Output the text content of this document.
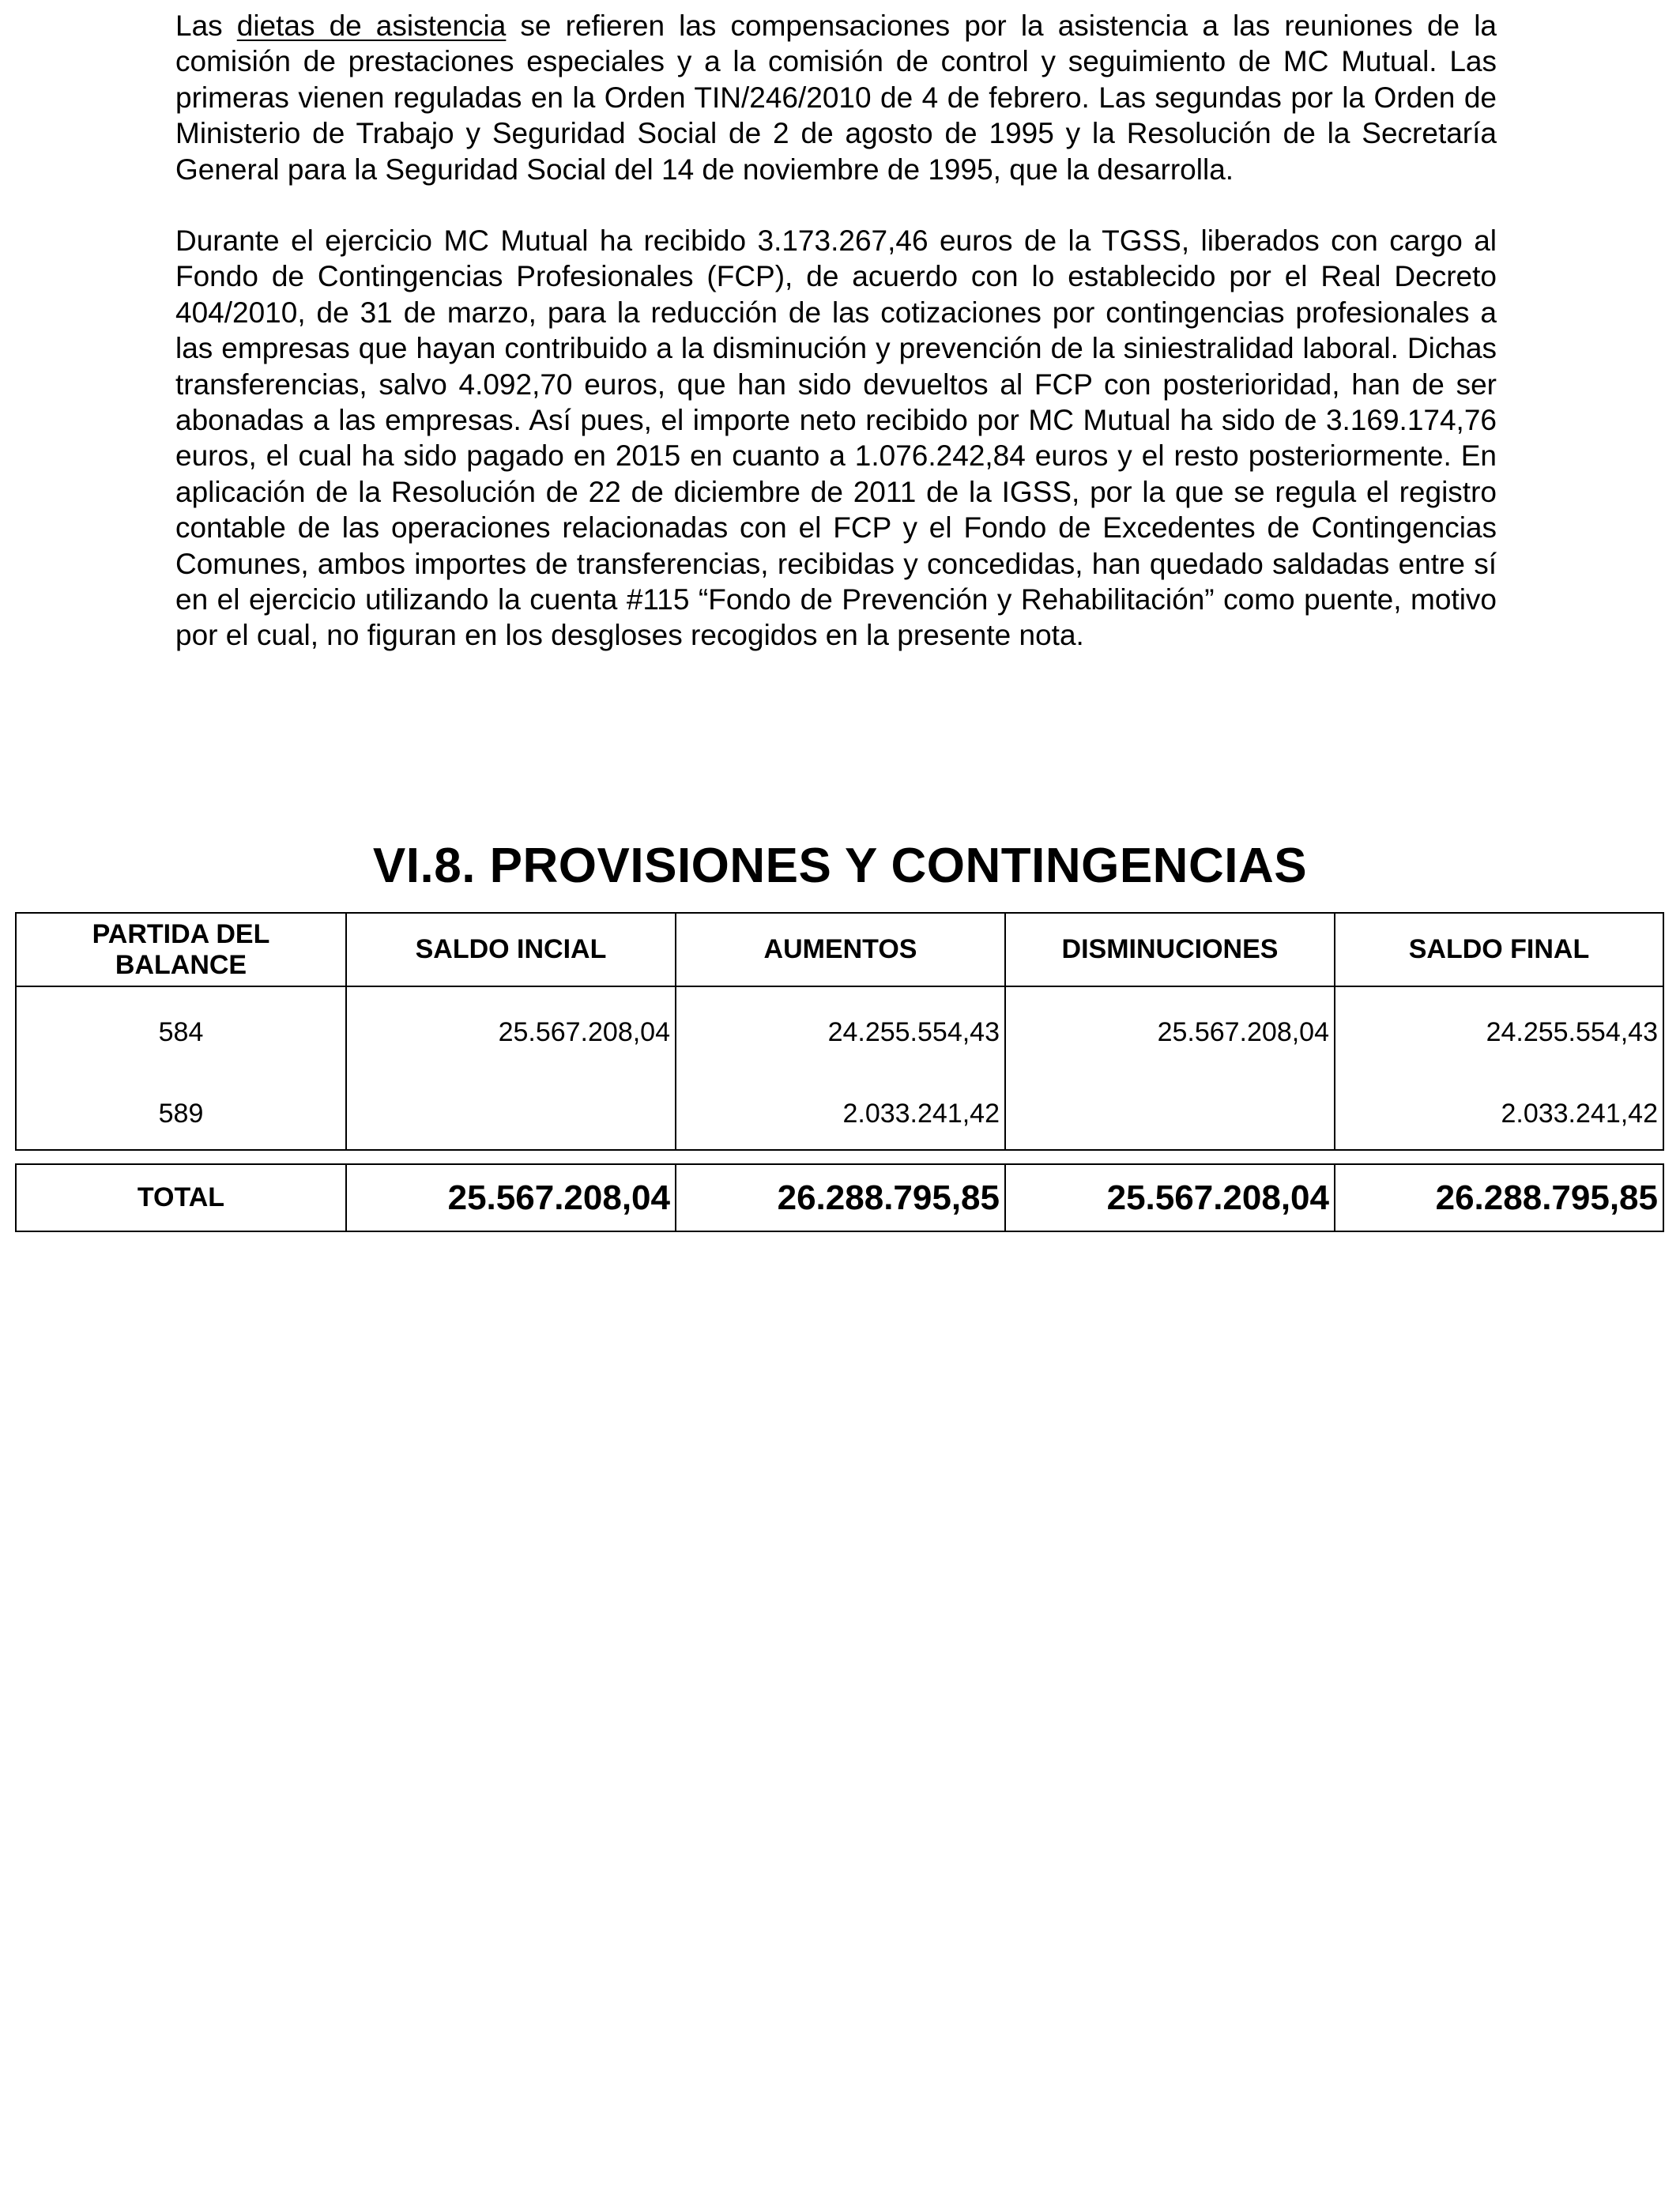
Las dietas de asistencia se refieren las compensaciones por la asistencia a las reuniones de la comisión de prestaciones especiales y a la comisión de control y seguimiento de MC Mutual. Las primeras vienen reguladas en la Orden TIN/246/2010 de 4 de febrero. Las segundas por la Orden de Ministerio de Trabajo y Seguridad Social de 2 de agosto de 1995 y la Resolución de la Secretaría General para la Seguridad Social del 14 de noviembre de 1995, que la desarrolla.

Durante el ejercicio MC Mutual ha recibido 3.173.267,46 euros de la TGSS, liberados con cargo al Fondo de Contingencias Profesionales (FCP), de acuerdo con lo establecido por el Real Decreto 404/2010, de 31 de marzo, para la reducción de las cotizaciones por contingencias profesionales a las empresas que hayan contribuido a la disminución y prevención de la siniestralidad laboral. Dichas transferencias, salvo 4.092,70 euros, que han sido devueltos al FCP con posterioridad, han de ser abonadas a las empresas. Así pues, el importe neto recibido por MC Mutual ha sido de 3.169.174,76 euros, el cual ha sido pagado en 2015 en cuanto a 1.076.242,84 euros y el resto posteriormente. En aplicación de la Resolución de 22 de diciembre de 2011 de la IGSS, por la que se regula el registro contable de las operaciones relacionadas con el FCP y el Fondo de Excedentes de Contingencias Comunes, ambos importes de transferencias, recibidas y concedidas, han quedado saldadas entre sí en el ejercicio utilizando la cuenta #115 “Fondo de Prevención y Rehabilitación” como puente, motivo por el cual, no figuran en los desgloses recogidos en la presente nota.

VI.8. PROVISIONES Y CONTINGENCIAS
PARTIDA DEL
BALANCE	SALDO INCIAL	AUMENTOS	DISMINUCIONES	SALDO FINAL
584	25.567.208,04	24.255.554,43	25.567.208,04	24.255.554,43
589		2.033.241,42		2.033.241,42
TOTAL	25.567.208,04	26.288.795,85	25.567.208,04	26.288.795,85
